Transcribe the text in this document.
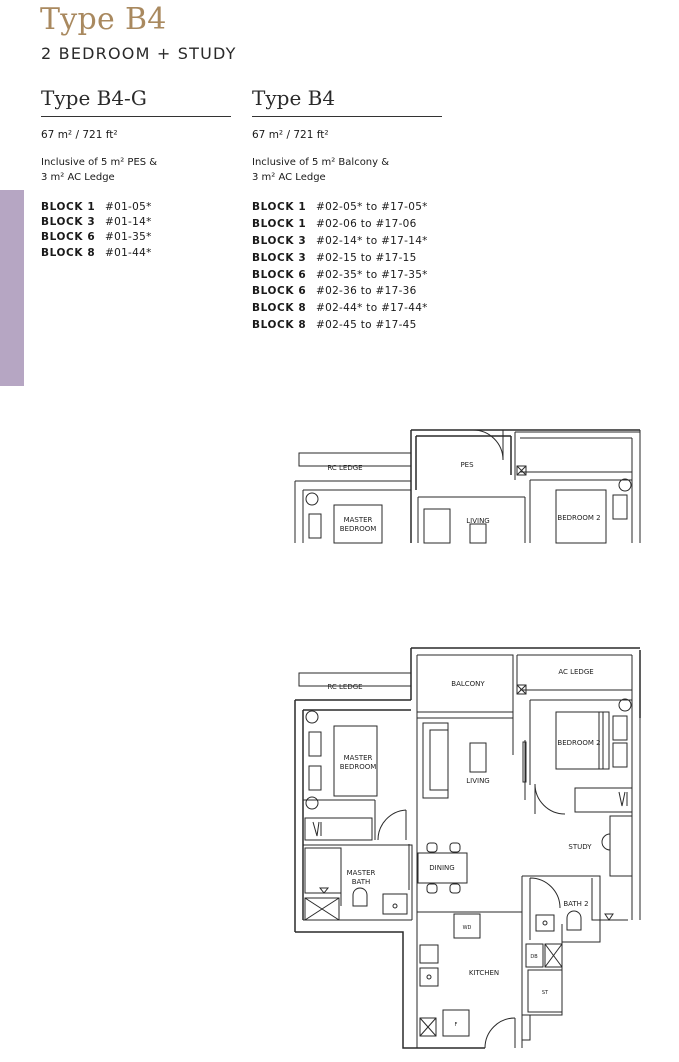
Type B4
2 BEDROOM + STUDY
Type B4-G
67 m² / 721 ft²
Inclusive of 5 m² PES &
3 m² AC Ledge
BLOCK 1 #01-05*
BLOCK 3 #01-14*
BLOCK 6 #01-35*
BLOCK 8 #01-44*
Type B4
67 m² / 721 ft²
Inclusive of 5 m² Balcony &
3 m² AC Ledge
BLOCK 1 #02-05* to #17-05*
BLOCK 1 #02-06 to #17-06
BLOCK 3 #02-14* to #17-14*
BLOCK 3 #02-15 to #17-15
BLOCK 6 #02-35* to #17-35*
BLOCK 6 #02-36 to #17-36
BLOCK 8 #02-44* to #17-44*
BLOCK 8 #02-45 to #17-45
RC LEDGE	PES
MASTER
BEDROOM
LIVING	BEDROOM 2
RC LEDGE	BALCONY
AC LEDGE
MASTER
BEDROOM
BEDROOM 2
LIVING
STUDY
DINING
MASTER
BATH
BATH 2
WD
DB
ST
F
KITCHEN
